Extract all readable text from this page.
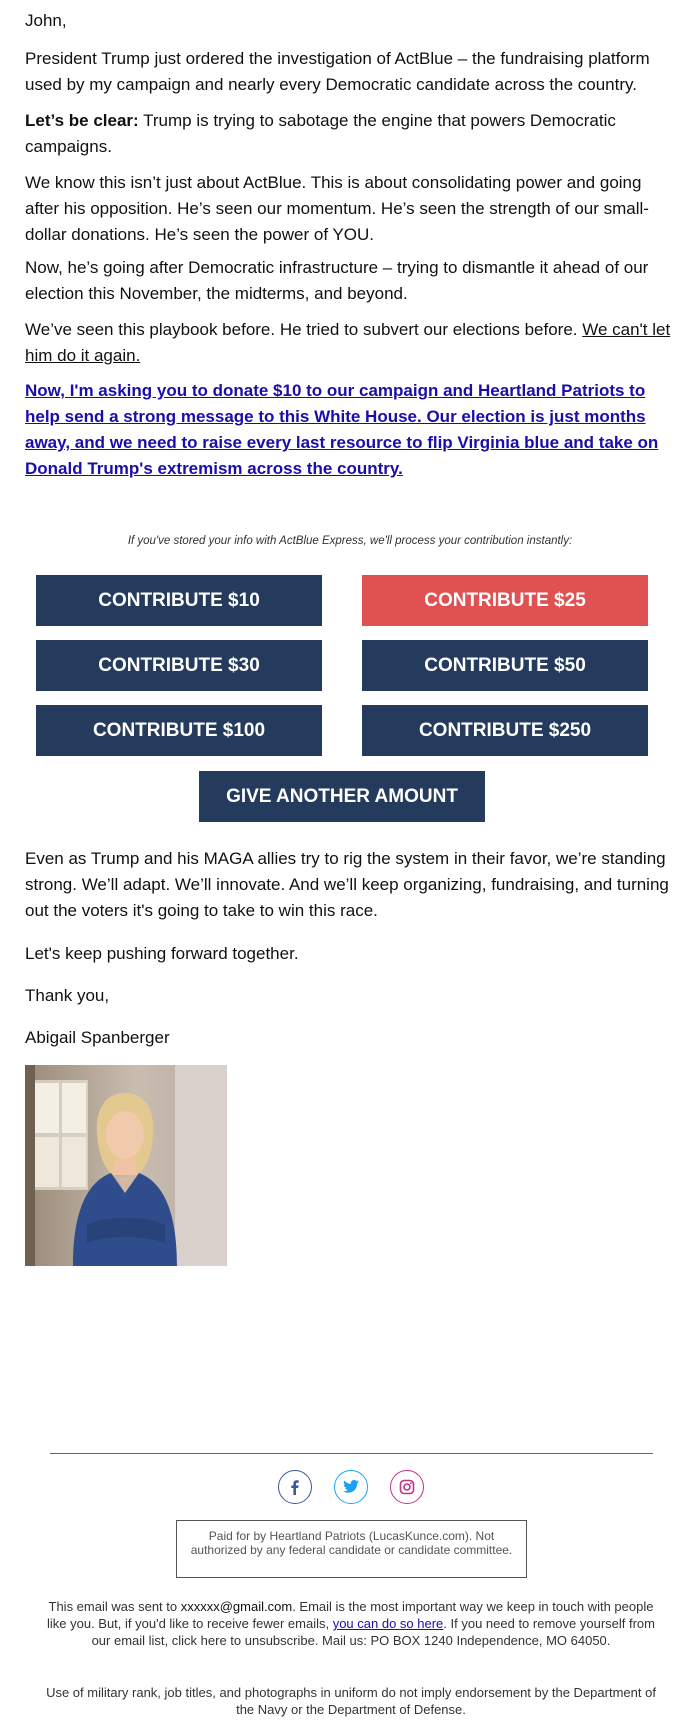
John,

President Trump just ordered the investigation of ActBlue – the fundraising platform used by my campaign and nearly every Democratic candidate across the country.

Let’s be clear: Trump is trying to sabotage the engine that powers Democratic campaigns.

We know this isn’t just about ActBlue. This is about consolidating power and going after his opposition. He’s seen our momentum. He’s seen the strength of our small-dollar donations. He’s seen the power of YOU.

Now, he’s going after Democratic infrastructure – trying to dismantle it ahead of our election this November, the midterms, and beyond.

We’ve seen this playbook before. He tried to subvert our elections before. We can't let him do it again.

Now, I'm asking you to donate $10 to our campaign and Heartland Patriots to help send a strong message to this White House. Our election is just months away, and we need to raise every last resource to flip Virginia blue and take on Donald Trump's extremism across the country.

If you've stored your info with ActBlue Express, we'll process your contribution instantly:
CONTRIBUTE $10	CONTRIBUTE $25
CONTRIBUTE $30	CONTRIBUTE $50
CONTRIBUTE $100	CONTRIBUTE $250
GIVE ANOTHER AMOUNT

Even as Trump and his MAGA allies try to rig the system in their favor, we’re standing strong. We’ll adapt. We’ll innovate. And we’ll keep organizing, fundraising, and turning out the voters it's going to take to win this race.

Let's keep pushing forward together.

Thank you,

Abigail Spanberger

Paid for by Heartland Patriots (LucasKunce.com). Not authorized by any federal candidate or candidate committee.
This email was sent to xxxxxx@gmail.com. Email is the most important way we keep in touch with people like you. But, if you'd like to receive fewer emails, you can do so here. If you need to remove yourself from our email list, click here to unsubscribe. Mail us: PO BOX 1240 Independence, MO 64050.
Use of military rank, job titles, and photographs in uniform do not imply endorsement by the Department of the Navy or the Department of Defense.
